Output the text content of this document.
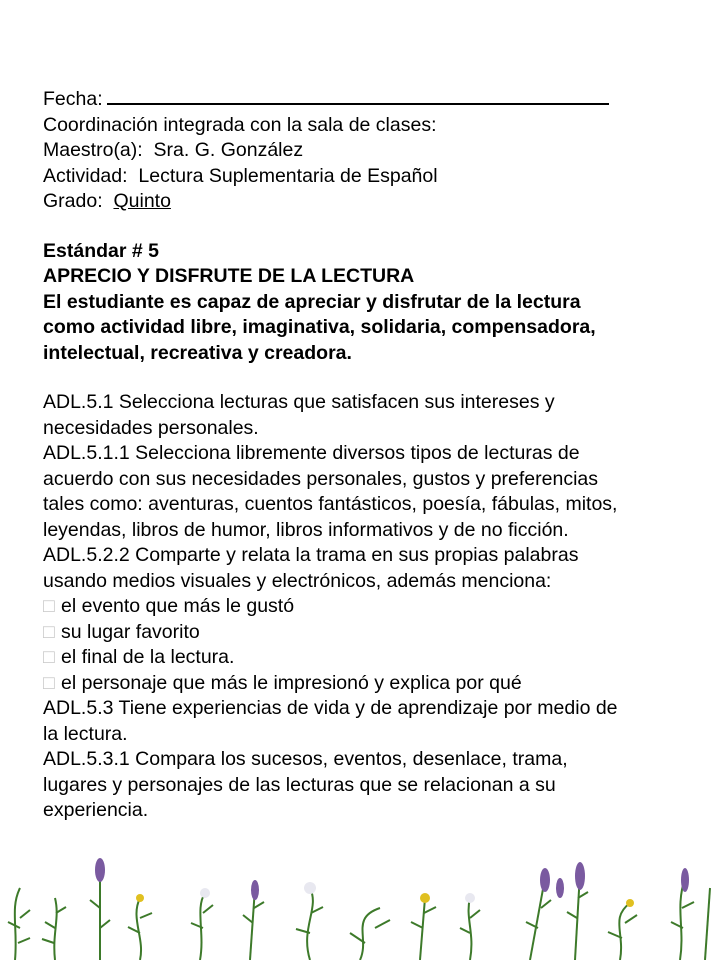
Fecha:
Coordinación integrada con la sala de clases:
Maestro(a): Sra. G. González
Actividad: Lectura Suplementaria de Español
Grado: Quinto
Estándar # 5
APRECIO Y DISFRUTE DE LA LECTURA
El estudiante es capaz de apreciar y disfrutar de la lectura
como actividad libre, imaginativa, solidaria, compensadora,
intelectual, recreativa y creadora.
ADL.5.1 Selecciona lecturas que satisfacen sus intereses y
necesidades personales.
ADL.5.1.1 Selecciona libremente diversos tipos de lecturas de
acuerdo con sus necesidades personales, gustos y preferencias
tales como: aventuras, cuentos fantásticos, poesía, fábulas, mitos,
leyendas, libros de humor, libros informativos y de no ficción.
ADL.5.2.2 Comparte y relata la trama en sus propias palabras
usando medios visuales y electrónicos, además menciona:
□ el evento que más le gustó
□ su lugar favorito
□ el final de la lectura.
□ el personaje que más le impresionó y explica por qué
ADL.5.3 Tiene experiencias de vida y de aprendizaje por medio de
la lectura.
ADL.5.3.1 Compara los sucesos, eventos, desenlace, trama,
lugares y personajes de las lecturas que se relacionan a su
experiencia.
